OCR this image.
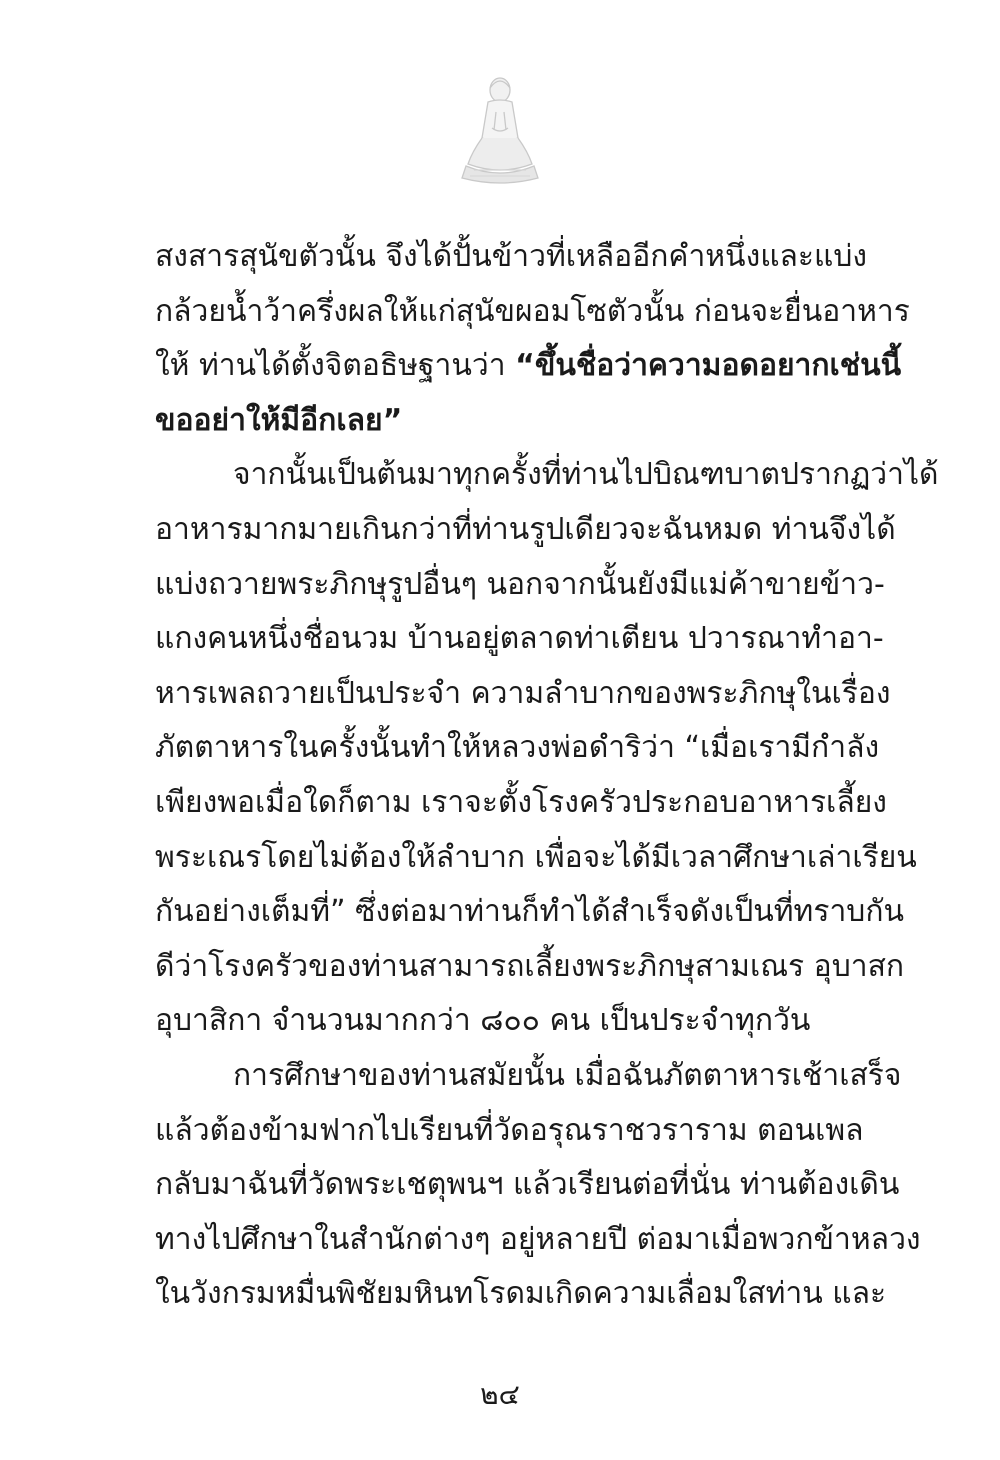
สงสารสุนัขตัวนั้น จึงได้ปั้นข้าวที่เหลืออีกคำหนึ่งและแบ่ง
กล้วยน้ำว้าครึ่งผลให้แก่สุนัขผอมโซตัวนั้น ก่อนจะยื่นอาหาร
ให้ ท่านได้ตั้งจิตอธิษฐานว่า “ขึ้นชื่อว่าความอดอยากเช่นนี้
ขออย่าให้มีอีกเลย”
จากนั้นเป็นต้นมาทุกครั้งที่ท่านไปบิณฑบาตปรากฏว่าได้
อาหารมากมายเกินกว่าที่ท่านรูปเดียวจะฉันหมด ท่านจึงได้
แบ่งถวายพระภิกษุรูปอื่นๆ นอกจากนั้นยังมีแม่ค้าขายข้าว-
แกงคนหนึ่งชื่อนวม บ้านอยู่ตลาดท่าเตียน ปวารณาทำอา-
หารเพลถวายเป็นประจำ ความลำบากของพระภิกษุในเรื่อง
ภัตตาหารในครั้งนั้นทำให้หลวงพ่อดำริว่า “เมื่อเรามีกำลัง
เพียงพอเมื่อใดก็ตาม เราจะตั้งโรงครัวประกอบอาหารเลี้ยง
พระเณรโดยไม่ต้องให้ลำบาก เพื่อจะได้มีเวลาศึกษาเล่าเรียน
กันอย่างเต็มที่” ซึ่งต่อมาท่านก็ทำได้สำเร็จดังเป็นที่ทราบกัน
ดีว่าโรงครัวของท่านสามารถเลี้ยงพระภิกษุสามเณร อุบาสก
อุบาสิกา จำนวนมากกว่า ๘๐๐ คน เป็นประจำทุกวัน
การศึกษาของท่านสมัยนั้น เมื่อฉันภัตตาหารเช้าเสร็จ
แล้วต้องข้ามฟากไปเรียนที่วัดอรุณราชวราราม ตอนเพล
กลับมาฉันที่วัดพระเชตุพนฯ แล้วเรียนต่อที่นั่น ท่านต้องเดิน
ทางไปศึกษาในสำนักต่างๆ อยู่หลายปี ต่อมาเมื่อพวกข้าหลวง
ในวังกรมหมื่นพิชัยมหินทโรดมเกิดความเลื่อมใสท่าน และ
๒๔
